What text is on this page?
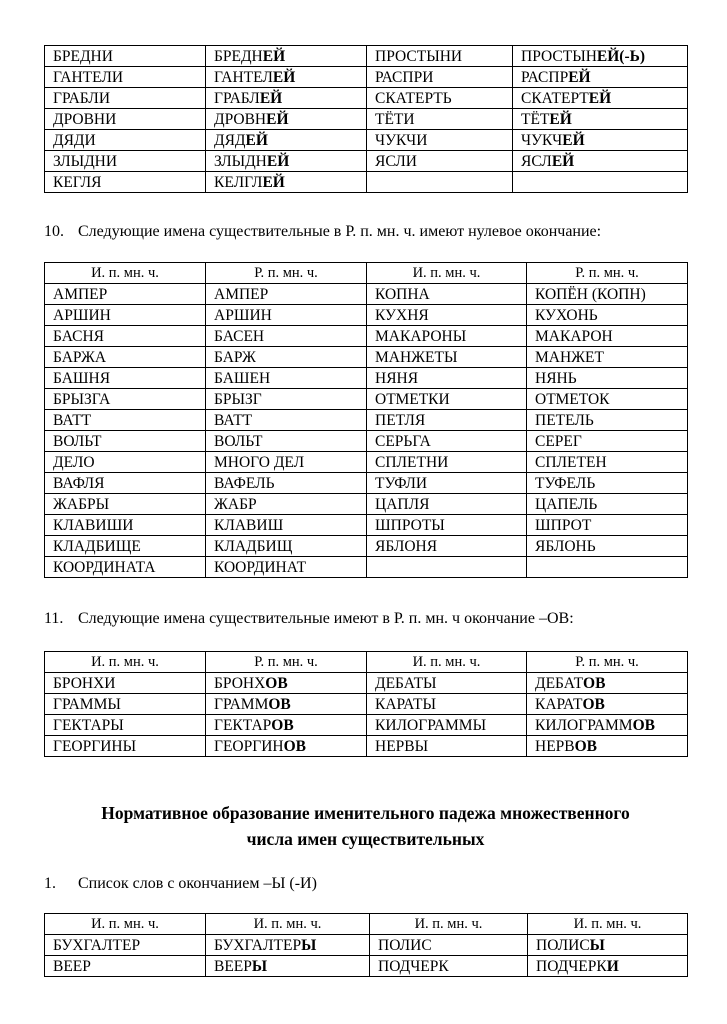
БРЕДНИ	БРЕДНЕЙ	ПРОСТЫНИ	ПРОСТЫНЕЙ(-Ь)
ГАНТЕЛИ	ГАНТЕЛЕЙ	РАСПРИ	РАСПРЕЙ
ГРАБЛИ	ГРАБЛЕЙ	СКАТЕРТЬ	СКАТЕРТЕЙ
ДРОВНИ	ДРОВНЕЙ	ТЁТИ	ТЁТЕЙ
ДЯДИ	ДЯДЕЙ	ЧУКЧИ	ЧУКЧЕЙ
ЗЛЫДНИ	ЗЛЫДНЕЙ	ЯСЛИ	ЯСЛЕЙ
КЕГЛЯ	КЕЛГЛЕЙ		
10. Следующие имена существительные в Р. п. мн. ч. имеют нулевое окончание:
И. п. мн. ч.	Р. п. мн. ч.	И. п. мн. ч.	Р. п. мн. ч.
АМПЕР	АМПЕР	КОПНА	КОПЁН (КОПН)
АРШИН	АРШИН	КУХНЯ	КУХОНЬ
БАСНЯ	БАСЕН	МАКАРОНЫ	МАКАРОН
БАРЖА	БАРЖ	МАНЖЕТЫ	МАНЖЕТ
БАШНЯ	БАШЕН	НЯНЯ	НЯНЬ
БРЫЗГА	БРЫЗГ	ОТМЕТКИ	ОТМЕТОК
ВАТТ	ВАТТ	ПЕТЛЯ	ПЕТЕЛЬ
ВОЛЬТ	ВОЛЬТ	СЕРЬГА	СЕРЕГ
ДЕЛО	МНОГО ДЕЛ	СПЛЕТНИ	СПЛЕТЕН
ВАФЛЯ	ВАФЕЛЬ	ТУФЛИ	ТУФЕЛЬ
ЖАБРЫ	ЖАБР	ЦАПЛЯ	ЦАПЕЛЬ
КЛАВИШИ	КЛАВИШ	ШПРОТЫ	ШПРОТ
КЛАДБИЩЕ	КЛАДБИЩ	ЯБЛОНЯ	ЯБЛОНЬ
КООРДИНАТА	КООРДИНАТ		
11. Следующие имена существительные имеют в Р. п. мн. ч окончание –ОВ:
И. п. мн. ч.	Р. п. мн. ч.	И. п. мн. ч.	Р. п. мн. ч.
БРОНХИ	БРОНХОВ	ДЕБАТЫ	ДЕБАТОВ
ГРАММЫ	ГРАММОВ	КАРАТЫ	КАРАТОВ
ГЕКТАРЫ	ГЕКТАРОВ	КИЛОГРАММЫ	КИЛОГРАММОВ
ГЕОРГИНЫ	ГЕОРГИНОВ	НЕРВЫ	НЕРВОВ
Нормативное образование именительного падежа множественного
числа имен существительных
1. Список слов с окончанием –Ы (-И)
И. п. мн. ч.	И. п. мн. ч.	И. п. мн. ч.	И. п. мн. ч.
БУХГАЛТЕР	БУХГАЛТЕРЫ	ПОЛИС	ПОЛИСЫ
ВЕЕР	ВЕЕРЫ	ПОДЧЕРК	ПОДЧЕРКИ
